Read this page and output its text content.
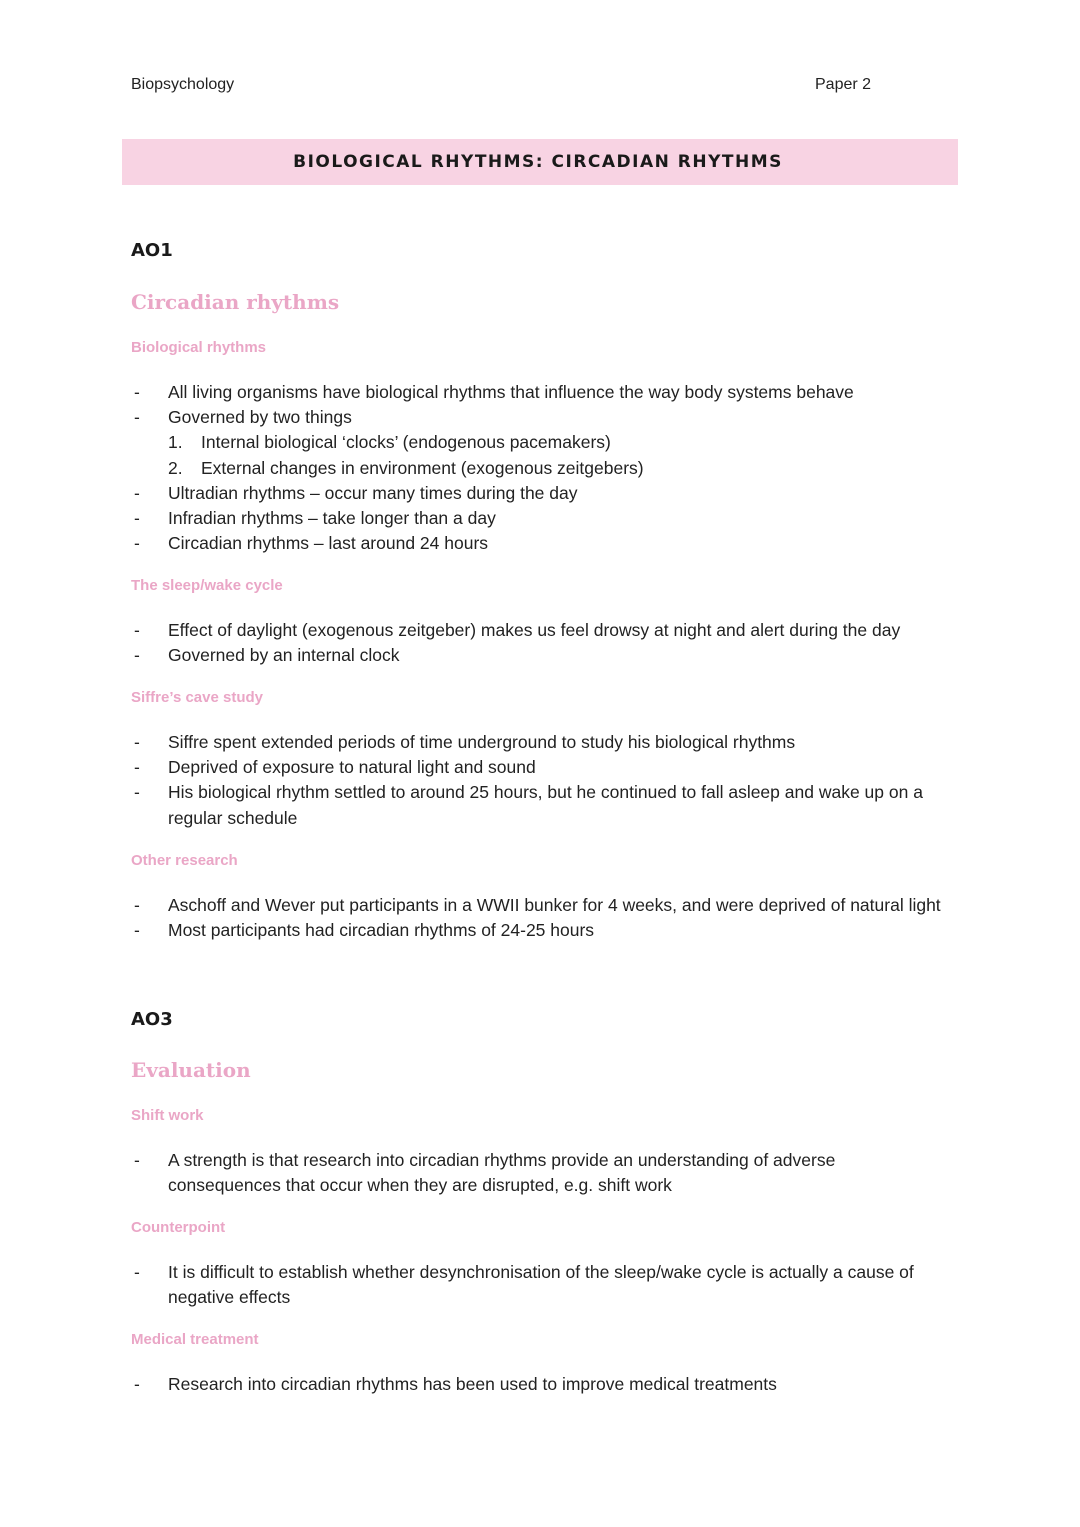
Biopsychology	Paper 2
BIOLOGICAL RHYTHMS: CIRCADIAN RHYTHMS
AO1
Circadian rhythms
Biological rhythms
- All living organisms have biological rhythms that influence the way body systems behave
- Governed by two things
1. Internal biological ‘clocks’ (endogenous pacemakers)
2. External changes in environment (exogenous zeitgebers)
- Ultradian rhythms – occur many times during the day
- Infradian rhythms – take longer than a day
- Circadian rhythms – last around 24 hours
The sleep/wake cycle
- Effect of daylight (exogenous zeitgeber) makes us feel drowsy at night and alert during the day
- Governed by an internal clock
Siffre’s cave study
- Siffre spent extended periods of time underground to study his biological rhythms
- Deprived of exposure to natural light and sound
- His biological rhythm settled to around 25 hours, but he continued to fall asleep and wake up on a regular schedule
Other research
- Aschoff and Wever put participants in a WWII bunker for 4 weeks, and were deprived of natural light
- Most participants had circadian rhythms of 24-25 hours
AO3
Evaluation
Shift work
- A strength is that research into circadian rhythms provide an understanding of adverse consequences that occur when they are disrupted, e.g. shift work
Counterpoint
- It is difficult to establish whether desynchronisation of the sleep/wake cycle is actually a cause of negative effects
Medical treatment
- Research into circadian rhythms has been used to improve medical treatments
